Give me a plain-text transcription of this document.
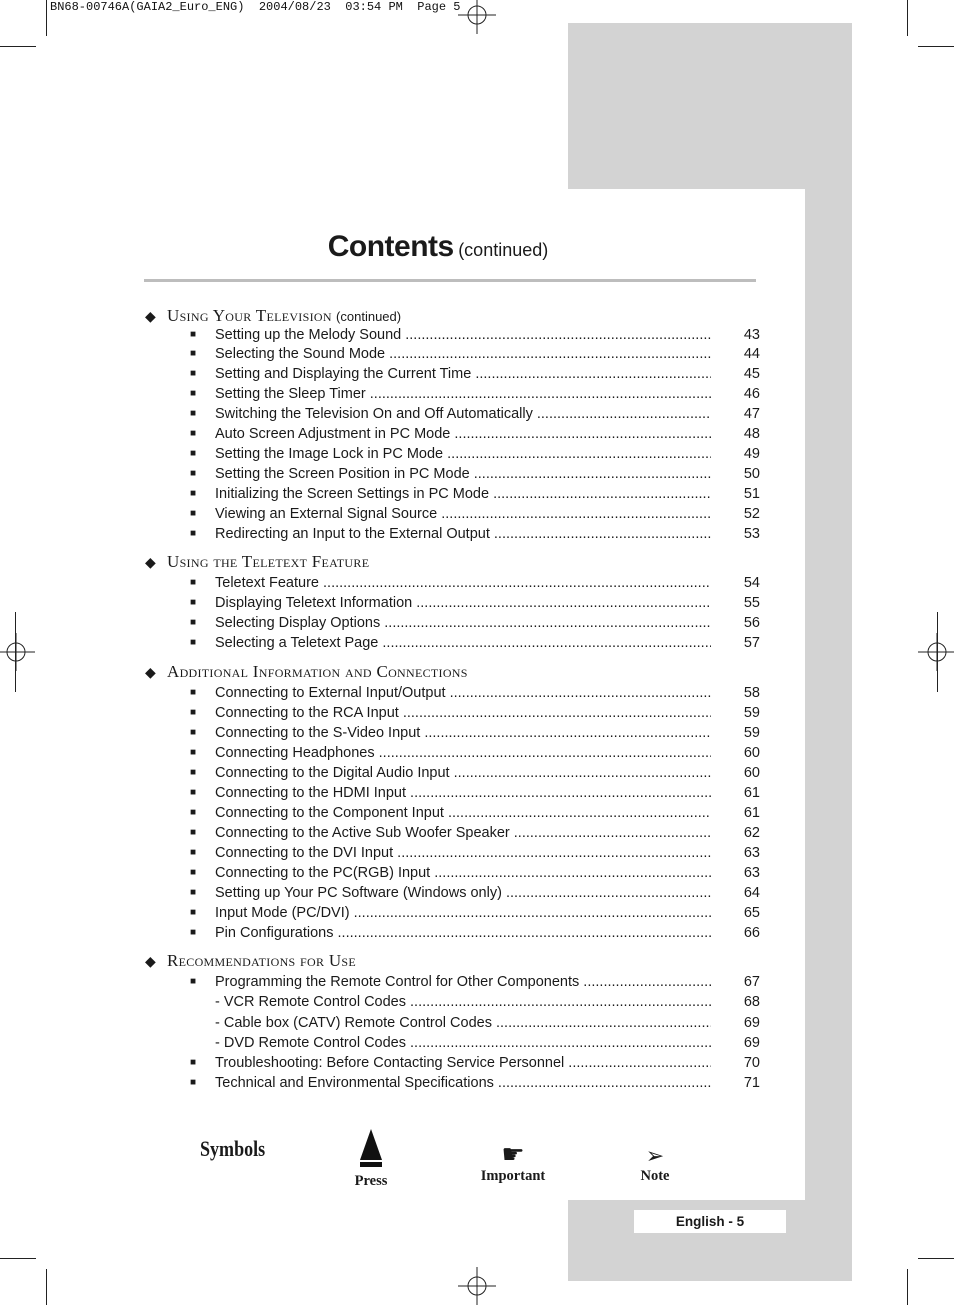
BN68-00746A(GAIA2_Euro_ENG)  2004/08/23  03:54 PM  Page 5
Contents (continued)
◆ Using Your Television (continued)
■ Setting up the Melody Sound .....	43
■ Selecting the Sound Mode .....	44
■ Setting and Displaying the Current Time .....	45
■ Setting the Sleep Timer .....	46
■ Switching the Television On and Off Automatically .....	47
■ Auto Screen Adjustment in PC Mode .....	48
■ Setting the Image Lock in PC Mode .....	49
■ Setting the Screen Position in PC Mode .....	50
■ Initializing the Screen Settings in PC Mode .....	51
■ Viewing an External Signal Source .....	52
■ Redirecting an Input to the External Output .....	53
◆ Using the Teletext Feature
■ Teletext Feature .....	54
■ Displaying Teletext Information .....	55
■ Selecting Display Options .....	56
■ Selecting a Teletext Page .....	57
◆ Additional Information and Connections
■ Connecting to External Input/Output .....	58
■ Connecting to the RCA Input .....	59
■ Connecting to the S-Video Input .....	59
■ Connecting Headphones .....	60
■ Connecting to the Digital Audio Input .....	60
■ Connecting to the HDMI Input .....	61
■ Connecting to the Component Input .....	61
■ Connecting to the Active Sub Woofer Speaker .....	62
■ Connecting to the DVI Input .....	63
■ Connecting to the PC(RGB) Input .....	63
■ Setting up Your PC Software (Windows only) .....	64
■ Input Mode (PC/DVI) .....	65
■ Pin Configurations .....	66
◆ Recommendations for Use
■ Programming the Remote Control for Other Components .....	67
- VCR Remote Control Codes .....	68
- Cable box (CATV) Remote Control Codes .....	69
- DVD Remote Control Codes .....	69
■ Troubleshooting: Before Contacting Service Personnel .....	70
■ Technical and Environmental Specifications .....	71
Symbols
Press
☛
Important
➢
Note
English - 5
